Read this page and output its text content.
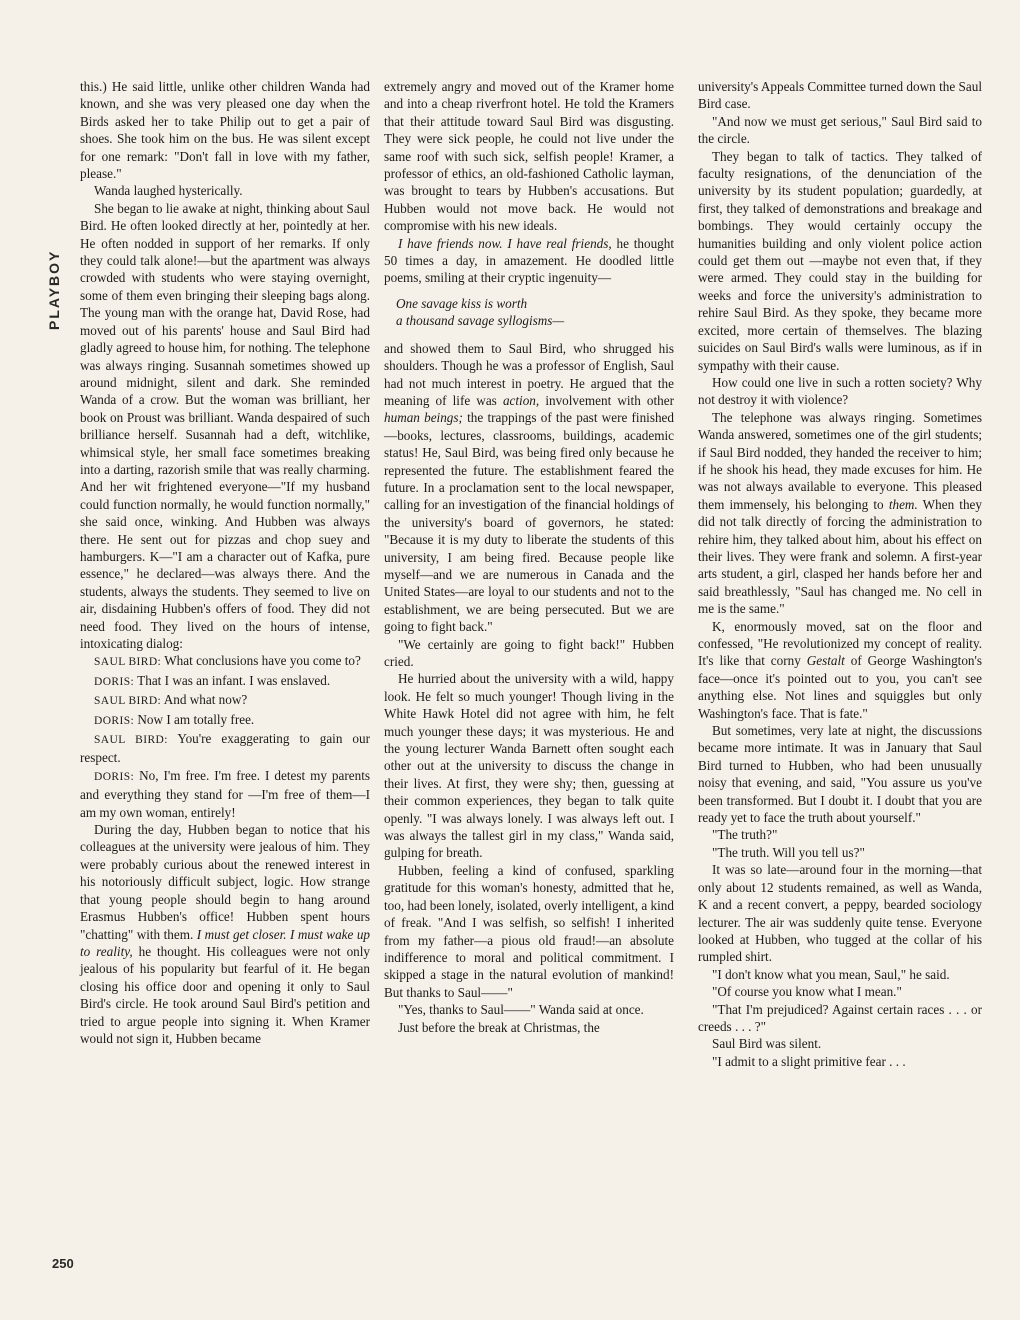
PLAYBOY
250

this.) He said little, unlike other children Wanda had known, and she was very pleased one day when the Birds asked her to take Philip out to get a pair of shoes. She took him on the bus. He was silent except for one remark: "Don't fall in love with my father, please."

Wanda laughed hysterically.

She began to lie awake at night, thinking about Saul Bird. He often looked directly at her, pointedly at her. He often nodded in support of her remarks. If only they could talk alone!—but the apartment was always crowded with students who were staying overnight, some of them even bringing their sleeping bags along. The young man with the orange hat, David Rose, had moved out of his parents' house and Saul Bird had gladly agreed to house him, for nothing. The telephone was always ringing. Susannah sometimes showed up around midnight, silent and dark. She reminded Wanda of a crow. But the woman was brilliant, her book on Proust was brilliant. Wanda despaired of such brilliance herself. Susannah had a deft, witchlike, whimsical style, her small face sometimes breaking into a darting, razorish smile that was really charming. And her wit frightened everyone—"If my husband could function normally, he would function normally," she said once, winking. And Hubben was always there. He sent out for pizzas and chop suey and hamburgers. K—"I am a character out of Kafka, pure essence," he declared—was always there. And the students, always the students. They seemed to live on air, disdaining Hubben's offers of food. They did not need food. They lived on the hours of intense, intoxicating dialog:

SAUL BIRD: What conclusions have you come to?

DORIS: That I was an infant. I was enslaved.

SAUL BIRD: And what now?

DORIS: Now I am totally free.

SAUL BIRD: You're exaggerating to gain our respect.

DORIS: No, I'm free. I'm free. I detest my parents and everything they stand for —I'm free of them—I am my own woman, entirely!

During the day, Hubben began to notice that his colleagues at the university were jealous of him. They were probably curious about the renewed interest in his notoriously difficult subject, logic. How strange that young people should begin to hang around Erasmus Hubben's office! Hubben spent hours "chatting" with them. I must get closer. I must wake up to reality, he thought. His colleagues were not only jealous of his popularity but fearful of it. He began closing his office door and opening it only to Saul Bird's circle. He took around Saul Bird's petition and tried to argue people into signing it. When Kramer would not sign it, Hubben became

extremely angry and moved out of the Kramer home and into a cheap riverfront hotel. He told the Kramers that their attitude toward Saul Bird was disgusting. They were sick people, he could not live under the same roof with such sick, selfish people! Kramer, a professor of ethics, an old-fashioned Catholic layman, was brought to tears by Hubben's accusations. But Hubben would not move back. He would not compromise with his new ideals.

I have friends now. I have real friends, he thought 50 times a day, in amazement. He doodled little poems, smiling at their cryptic ingenuity—

One savage kiss is worth
a thousand savage syllogisms—

and showed them to Saul Bird, who shrugged his shoulders. Though he was a professor of English, Saul had not much interest in poetry. He argued that the meaning of life was action, involvement with other human beings; the trappings of the past were finished—books, lectures, classrooms, buildings, academic status! He, Saul Bird, was being fired only because he represented the future. The establishment feared the future. In a proclamation sent to the local newspaper, calling for an investigation of the financial holdings of the university's board of governors, he stated: "Because it is my duty to liberate the students of this university, I am being fired. Because people like myself—and we are numerous in Canada and the United States—are loyal to our students and not to the establishment, we are being persecuted. But we are going to fight back."

"We certainly are going to fight back!" Hubben cried.

He hurried about the university with a wild, happy look. He felt so much younger! Though living in the White Hawk Hotel did not agree with him, he felt much younger these days; it was mysterious. He and the young lecturer Wanda Barnett often sought each other out at the university to discuss the change in their lives. At first, they were shy; then, guessing at their common experiences, they began to talk quite openly. "I was always lonely. I was always left out. I was always the tallest girl in my class," Wanda said, gulping for breath.

Hubben, feeling a kind of confused, sparkling gratitude for this woman's honesty, admitted that he, too, had been lonely, isolated, overly intelligent, a kind of freak. "And I was selfish, so selfish! I inherited from my father—a pious old fraud!—an absolute indifference to moral and political commitment. I skipped a stage in the natural evolution of mankind! But thanks to Saul——"

"Yes, thanks to Saul——" Wanda said at once.

Just before the break at Christmas, the

university's Appeals Committee turned down the Saul Bird case.

"And now we must get serious," Saul Bird said to the circle.

They began to talk of tactics. They talked of faculty resignations, of the denunciation of the university by its student population; guardedly, at first, they talked of demonstrations and breakage and bombings. They would certainly occupy the humanities building and only violent police action could get them out —maybe not even that, if they were armed. They could stay in the building for weeks and force the university's administration to rehire Saul Bird. As they spoke, they became more excited, more certain of themselves. The blazing suicides on Saul Bird's walls were luminous, as if in sympathy with their cause.

How could one live in such a rotten society? Why not destroy it with violence?

The telephone was always ringing. Sometimes Wanda answered, sometimes one of the girl students; if Saul Bird nodded, they handed the receiver to him; if he shook his head, they made excuses for him. He was not always available to everyone. This pleased them immensely, his belonging to them. When they did not talk directly of forcing the administration to rehire him, they talked about him, about his effect on their lives. They were frank and solemn. A first-year arts student, a girl, clasped her hands before her and said breathlessly, "Saul has changed me. No cell in me is the same."

K, enormously moved, sat on the floor and confessed, "He revolutionized my concept of reality. It's like that corny Gestalt of George Washington's face—once it's pointed out to you, you can't see anything else. Not lines and squiggles but only Washington's face. That is fate."

But sometimes, very late at night, the discussions became more intimate. It was in January that Saul Bird turned to Hubben, who had been unusually noisy that evening, and said, "You assure us you've been transformed. But I doubt it. I doubt that you are ready yet to face the truth about yourself."

"The truth?"

"The truth. Will you tell us?"

It was so late—around four in the morning—that only about 12 students remained, as well as Wanda, K and a recent convert, a peppy, bearded sociology lecturer. The air was suddenly quite tense. Everyone looked at Hubben, who tugged at the collar of his rumpled shirt.

"I don't know what you mean, Saul," he said.

"Of course you know what I mean."

"That I'm prejudiced? Against certain races . . . or creeds . . . ?"

Saul Bird was silent.

"I admit to a slight primitive fear . . .
